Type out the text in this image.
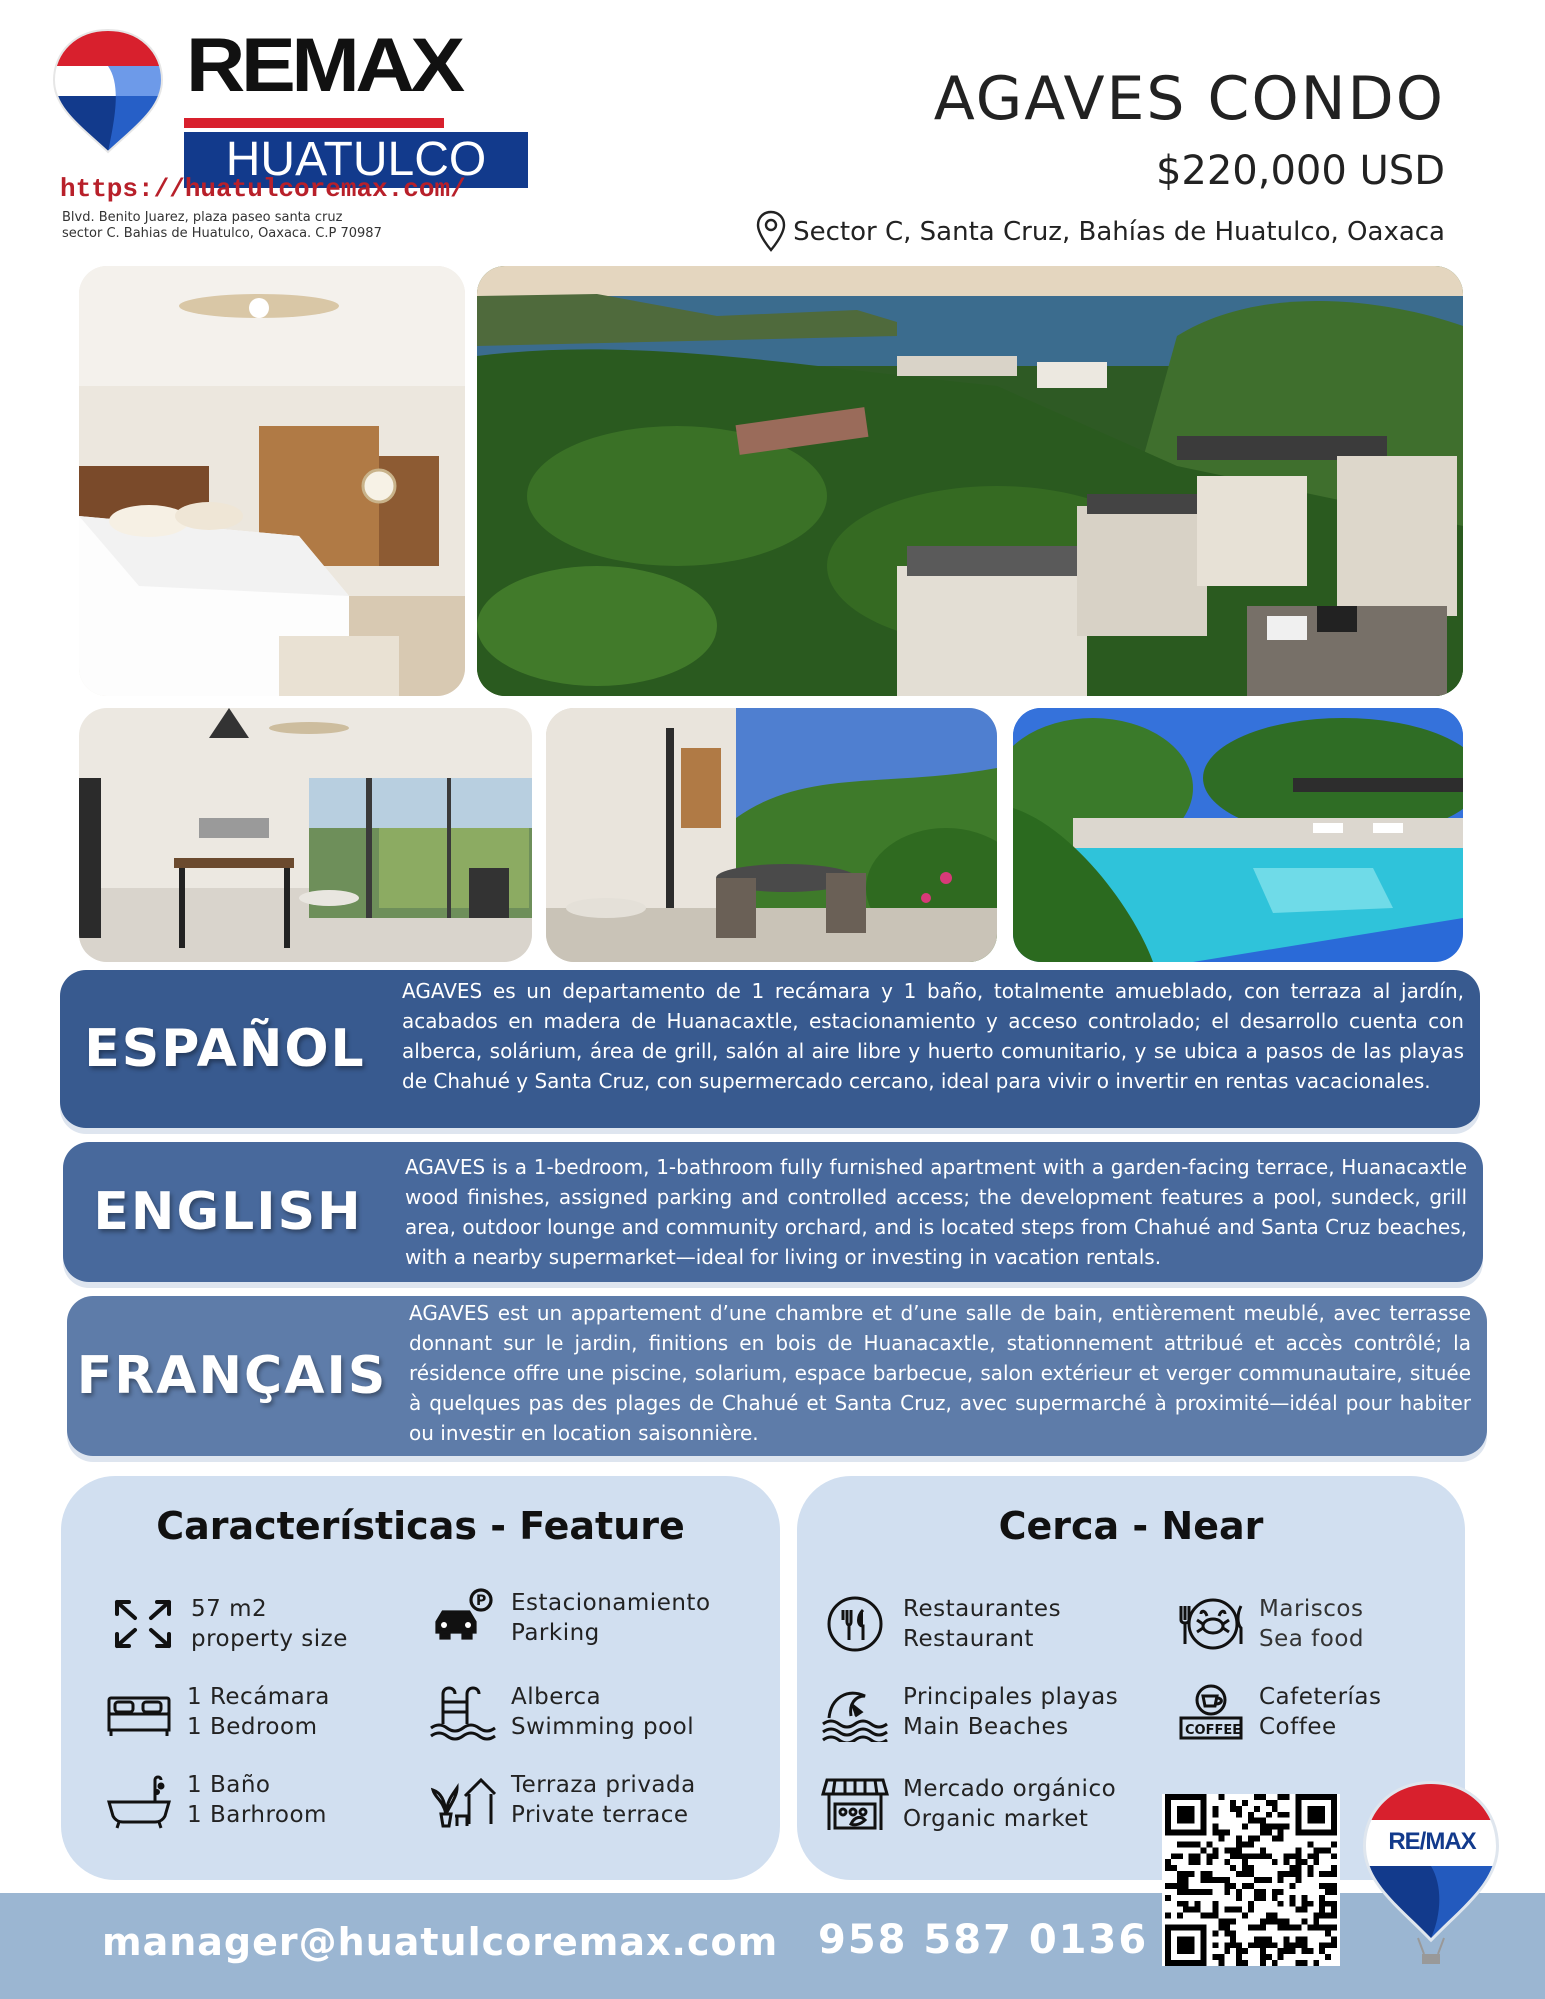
REMAX
HUATULCO
https://huatulcoremax.com/
Blvd. Benito Juarez, plaza paseo santa cruz
sector C. Bahias de Huatulco, Oaxaca. C.P 70987
AGAVES CONDO
$220,000 USD
Sector C, Santa Cruz, Bahías de Huatulco, Oaxaca
ESPAÑOL
AGAVES es un departamento de 1 recámara y 1 baño, totalmente amueblado, con terraza al jardín, acabados en madera de Huanacaxtle, estacionamiento y acceso controlado; el desarrollo cuenta con alberca, solárium, área de grill, salón al aire libre y huerto comunitario, y se ubica a pasos de las playas de Chahué y Santa Cruz, con supermercado cercano, ideal para vivir o invertir en rentas vacacionales.
ENGLISH
AGAVES is a 1-bedroom, 1-bathroom fully furnished apartment with a garden-facing terrace, Huanacaxtle wood finishes, assigned parking and controlled access; the development features a pool, sundeck, grill area, outdoor lounge and community orchard, and is located steps from Chahué and Santa Cruz beaches, with a nearby supermarket—ideal for living or investing in vacation rentals.
FRANÇAIS
AGAVES est un appartement d’une chambre et d’une salle de bain, entièrement meublé, avec terrasse donnant sur le jardin, finitions en bois de Huanacaxtle, stationnement attribué et accès contrôlé; la résidence offre une piscine, solarium, espace barbecue, salon extérieur et verger communautaire, située à quelques pas des plages de Chahué et Santa Cruz, avec supermarché à proximité—idéal pour habiter ou investir en location saisonnière.
Características - Feature
57 m2
property size
P Estacionamiento
Parking
1 Recámara
1 Bedroom
Alberca
Swimming pool
1 Baño
1 Barhroom
Terraza privada
Private terrace
Cerca - Near
Restaurantes
Restaurant
Mariscos
Sea food
Principales playas
Main Beaches	COFFEE
Cafeterías
Coffee
Mercado orgánico
Organic market
manager@huatulcoremax.com 958 587 0136
RE/MAX
